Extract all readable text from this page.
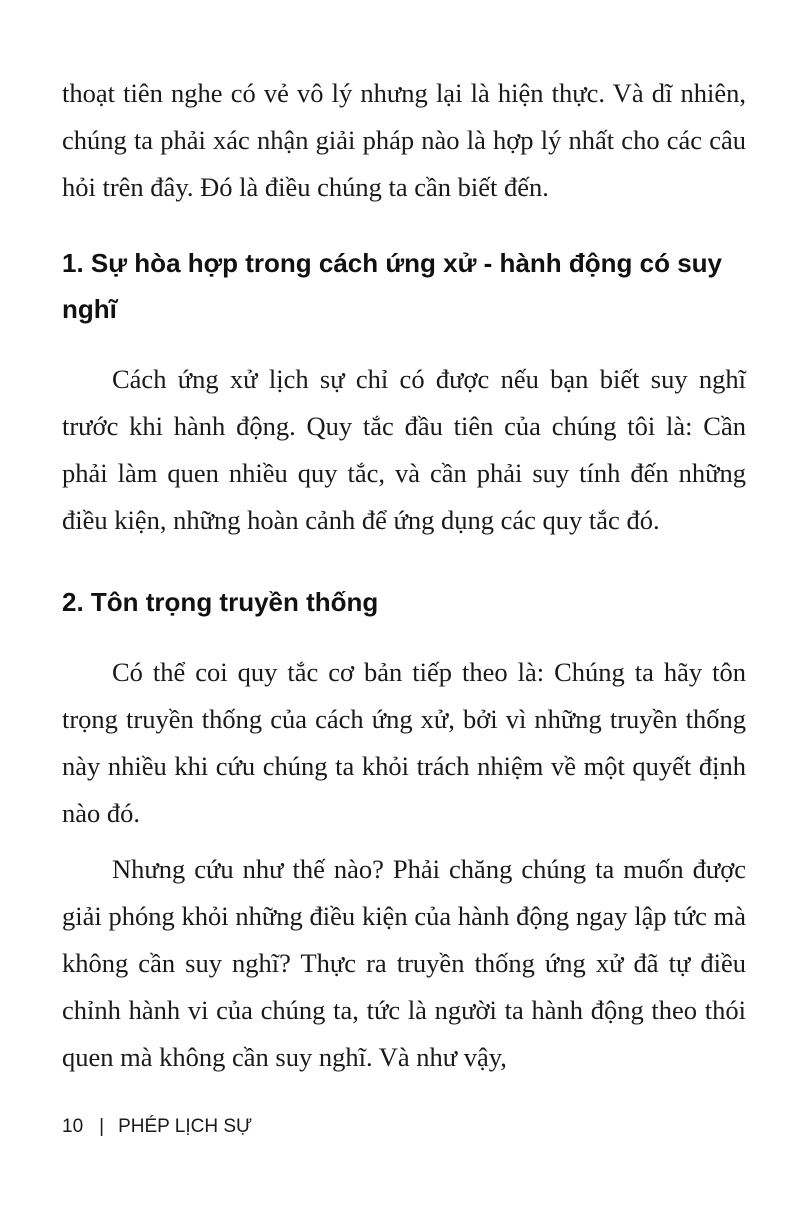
thoạt tiên nghe có vẻ vô lý nhưng lại là hiện thực. Và dĩ nhiên, chúng ta phải xác nhận giải pháp nào là hợp lý nhất cho các câu hỏi trên đây. Đó là điều chúng ta cần biết đến.

1. Sự hòa hợp trong cách ứng xử - hành động có suy nghĩ

Cách ứng xử lịch sự chỉ có được nếu bạn biết suy nghĩ trước khi hành động. Quy tắc đầu tiên của chúng tôi là: Cần phải làm quen nhiều quy tắc, và cần phải suy tính đến những điều kiện, những hoàn cảnh để ứng dụng các quy tắc đó.

2. Tôn trọng truyền thống

Có thể coi quy tắc cơ bản tiếp theo là: Chúng ta hãy tôn trọng truyền thống của cách ứng xử, bởi vì những truyền thống này nhiều khi cứu chúng ta khỏi trách nhiệm về một quyết định nào đó.

Nhưng cứu như thế nào? Phải chăng chúng ta muốn được giải phóng khỏi những điều kiện của hành động ngay lập tức mà không cần suy nghĩ? Thực ra truyền thống ứng xử đã tự điều chỉnh hành vi của chúng ta, tức là người ta hành động theo thói quen mà không cần suy nghĩ. Và như vậy,

10 | PHÉP LỊCH SỰ
